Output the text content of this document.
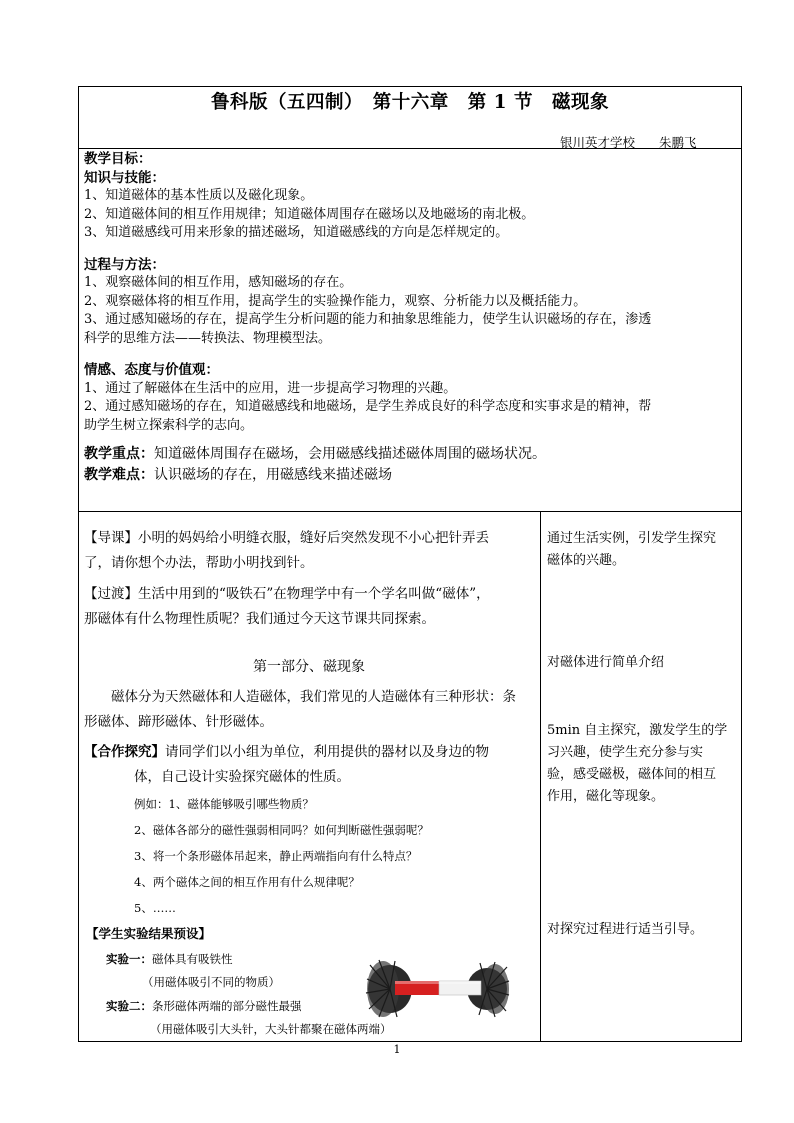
鲁科版（五四制）　第十六章　第 1 节　磁现象
银川英才学校 朱鹏飞
教学目标：
知识与技能：
1、知道磁体的基本性质以及磁化现象。
2、知道磁体间的相互作用规律；知道磁体周围存在磁场以及地磁场的南北极。
3、知道磁感线可用来形象的描述磁场，知道磁感线的方向是怎样规定的。
过程与方法：
1、观察磁体间的相互作用，感知磁场的存在。
2、观察磁体将的相互作用，提高学生的实验操作能力，观察、分析能力以及概括能力。
3、通过感知磁场的存在，提高学生分析问题的能力和抽象思维能力，使学生认识磁场的存在，渗透
科学的思维方法——转换法、物理模型法。
情感、态度与价值观：
1、通过了解磁体在生活中的应用，进一步提高学习物理的兴趣。
2、通过感知磁场的存在，知道磁感线和地磁场，是学生养成良好的科学态度和实事求是的精神，帮
助学生树立探索科学的志向。
教学重点：知道磁体周围存在磁场，会用磁感线描述磁体周围的磁场状况。
教学难点：认识磁场的存在，用磁感线来描述磁场
【导课】小明的妈妈给小明缝衣服，缝好后突然发现不小心把针弄丢
了，请你想个办法，帮助小明找到针。
【过渡】生活中用到的“吸铁石”在物理学中有一个学名叫做“磁体”，
那磁体有什么物理性质呢？我们通过今天这节课共同探索。
第一部分、磁现象
磁体分为天然磁体和人造磁体，我们常见的人造磁体有三种形状：条
形磁体、蹄形磁体、针形磁体。
【合作探究】请同学们以小组为单位，利用提供的器材以及身边的物
体，自己设计实验探究磁体的性质。
例如：1、磁体能够吸引哪些物质？
2、磁体各部分的磁性强弱相同吗？如何判断磁性强弱呢？
3、将一个条形磁体吊起来，静止两端指向有什么特点？
4、两个磁体之间的相互作用有什么规律呢？
5、……
【学生实验结果预设】
实验一：磁体具有吸铁性
（用磁体吸引不同的物质）
实验二：条形磁体两端的部分磁性最强
（用磁体吸引大头针，大头针都聚在磁体两端）
通过生活实例，引发学生探究
磁体的兴趣。
对磁体进行简单介绍
5min 自主探究，激发学生的学
习兴趣，使学生充分参与实
验，感受磁极，磁体间的相互
作用，磁化等现象。
对探究过程进行适当引导。
1
